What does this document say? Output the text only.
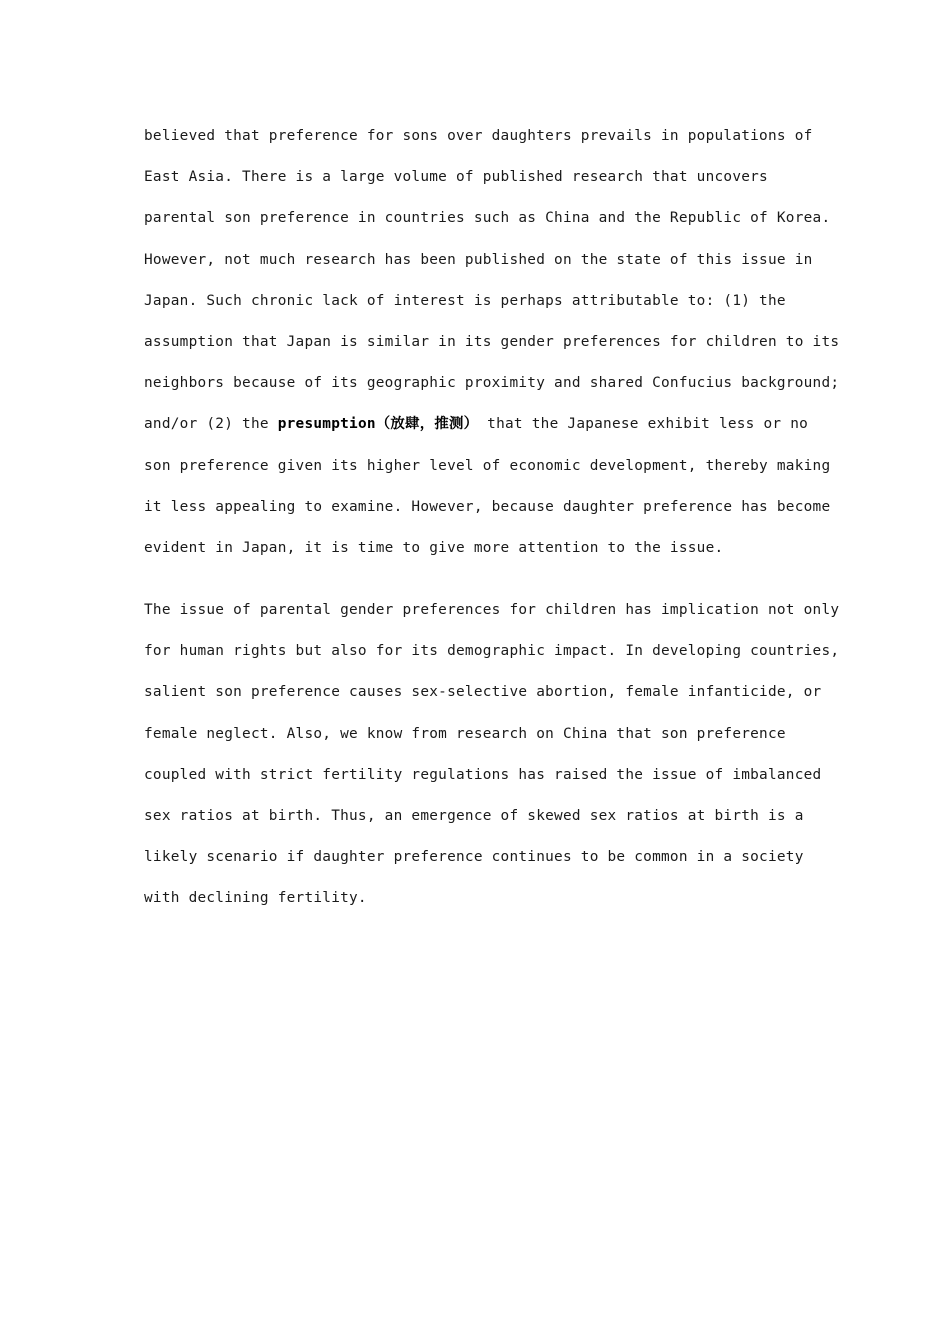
believed that preference for sons over daughters prevails in populations of
East Asia. There is a large volume of published research that uncovers
parental son preference in countries such as China and the Republic of Korea.
However, not much research has been published on the state of this issue in
Japan. Such chronic lack of interest is perhaps attributable to: (1) the
assumption that Japan is similar in its gender preferences for children to its
neighbors because of its geographic proximity and shared Confucius background;
and/or (2) the presumption（放肆，推测） that the Japanese exhibit less or no
son preference given its higher level of economic development, thereby making
it less appealing to examine. However, because daughter preference has become
evident in Japan, it is time to give more attention to the issue.
The issue of parental gender preferences for children has implication not only
for human rights but also for its demographic impact. In developing countries,
salient son preference causes sex-selective abortion, female infanticide, or
female neglect. Also, we know from research on China that son preference
coupled with strict fertility regulations has raised the issue of imbalanced
sex ratios at birth. Thus, an emergence of skewed sex ratios at birth is a
likely scenario if daughter preference continues to be common in a society
with declining fertility.
